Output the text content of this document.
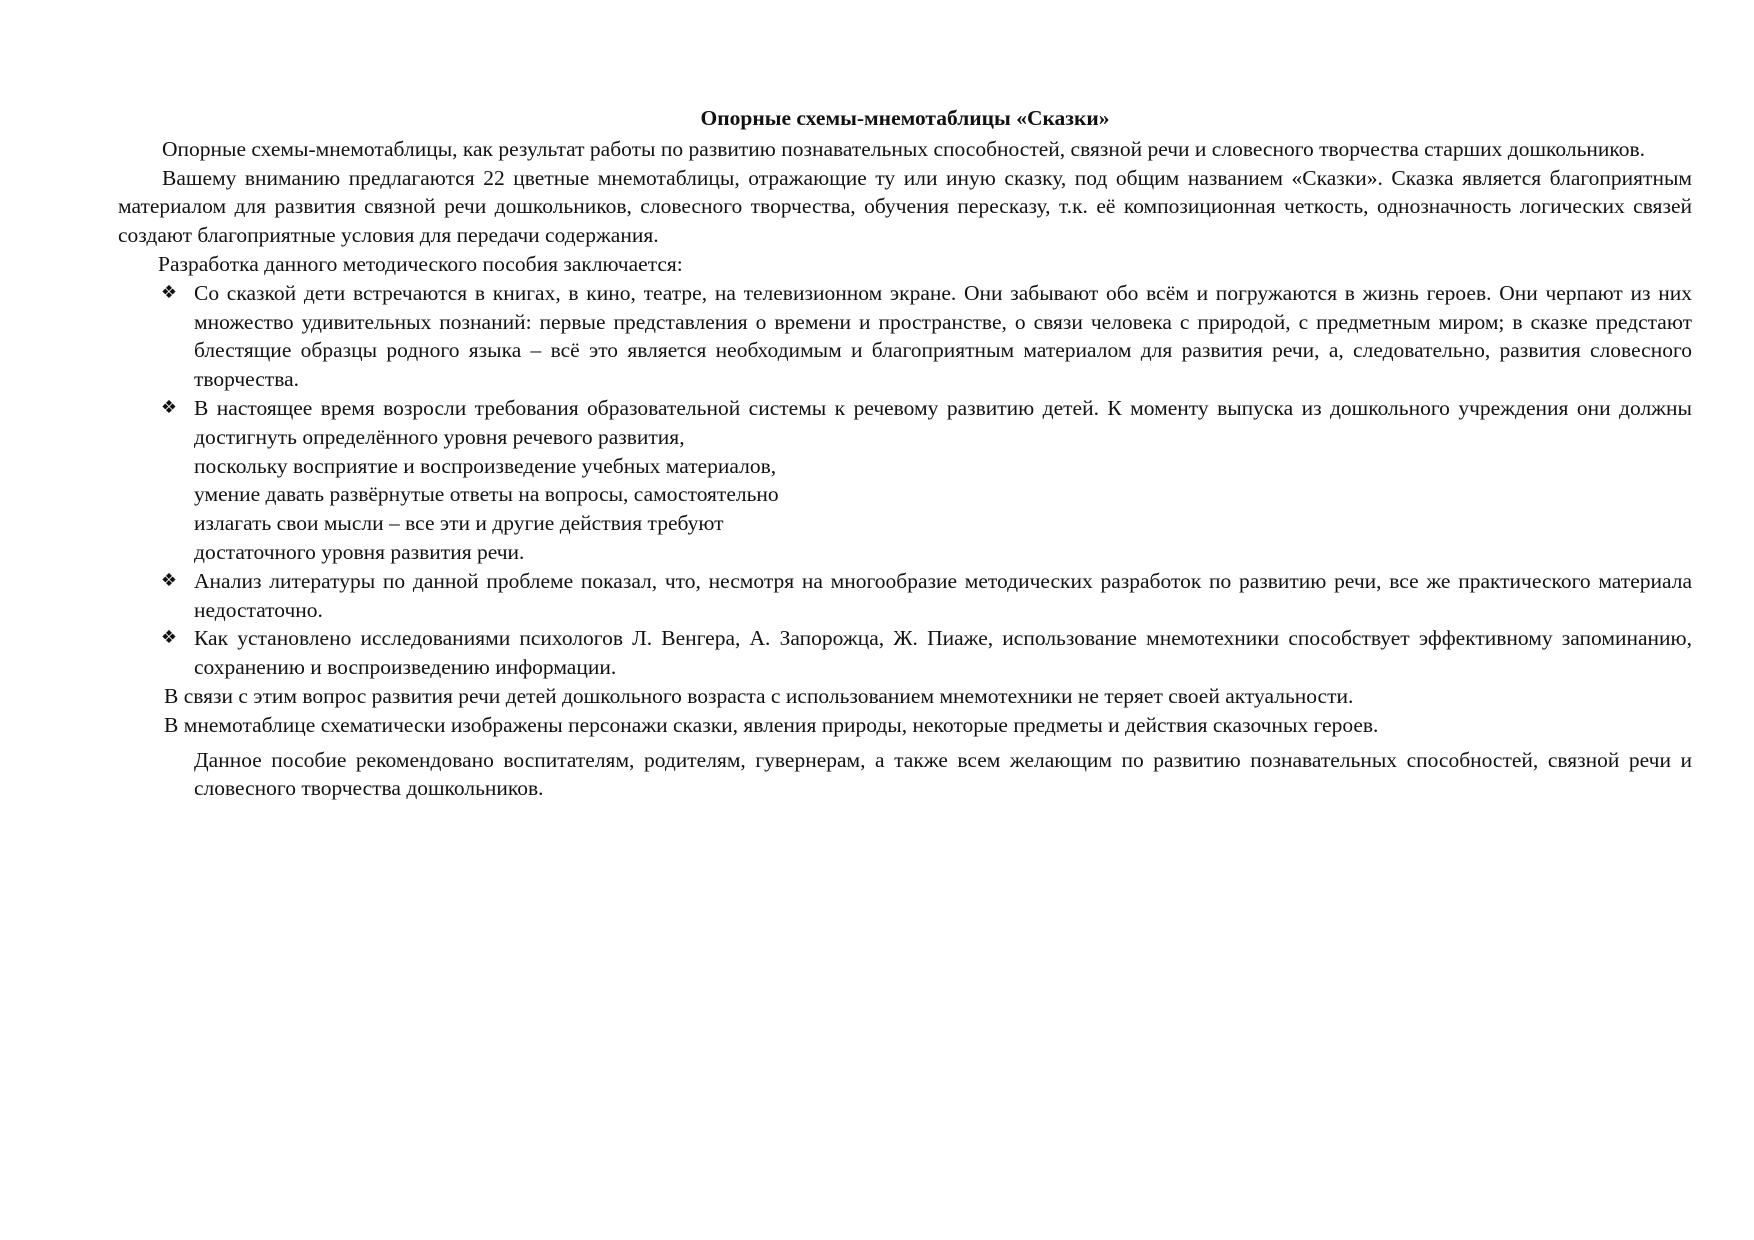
Опорные схемы-мнемотаблицы «Сказки»

Опорные схемы-мнемотаблицы, как результат работы по развитию познавательных способностей, связной речи и словесного творчества старших дошкольников.

Вашему вниманию предлагаются 22 цветные мнемотаблицы, отражающие ту или иную сказку, под общим названием «Сказки». Сказка является благоприятным материалом для развития связной речи дошкольников, словесного творчества, обучения пересказу, т.к. её композиционная четкость, однозначность логических связей создают благоприятные условия для передачи содержания.

Разработка данного методического пособия заключается:

❖ Со сказкой дети встречаются в книгах, в кино, театре, на телевизионном экране. Они забывают обо всём и погружаются в жизнь героев. Они черпают из них множество удивительных познаний: первые представления о времени и пространстве, о связи человека с природой, с предметным миром; в сказке предстают блестящие образцы родного языка – всё это является необходимым и благоприятным материалом для развития речи, а, следовательно, развития словесного творчества.
❖ В настоящее время возросли требования образовательной системы к речевому развитию детей. К моменту выпуска из дошкольного учреждения они должны достигнуть определённого уровня речевого развития,
поскольку восприятие и воспроизведение учебных материалов,
умение давать развёрнутые ответы на вопросы, самостоятельно
излагать свои мысли – все эти и другие действия требуют
достаточного уровня развития речи.
❖ Анализ литературы по данной проблеме показал, что, несмотря на многообразие методических разработок по развитию речи, все же практического материала недостаточно.
❖ Как установлено исследованиями психологов Л. Венгера, А. Запорожца, Ж. Пиаже, использование мнемотехники способствует эффективному запоминанию, сохранению и воспроизведению информации.

В связи с этим вопрос развития речи детей дошкольного возраста с использованием мнемотехники не теряет своей актуальности.

В мнемотаблице схематически изображены персонажи сказки, явления природы, некоторые предметы и действия сказочных героев.

Данное пособие рекомендовано воспитателям, родителям, гувернерам, а также всем желающим по развитию познавательных способностей, связной речи и словесного творчества дошкольников.
